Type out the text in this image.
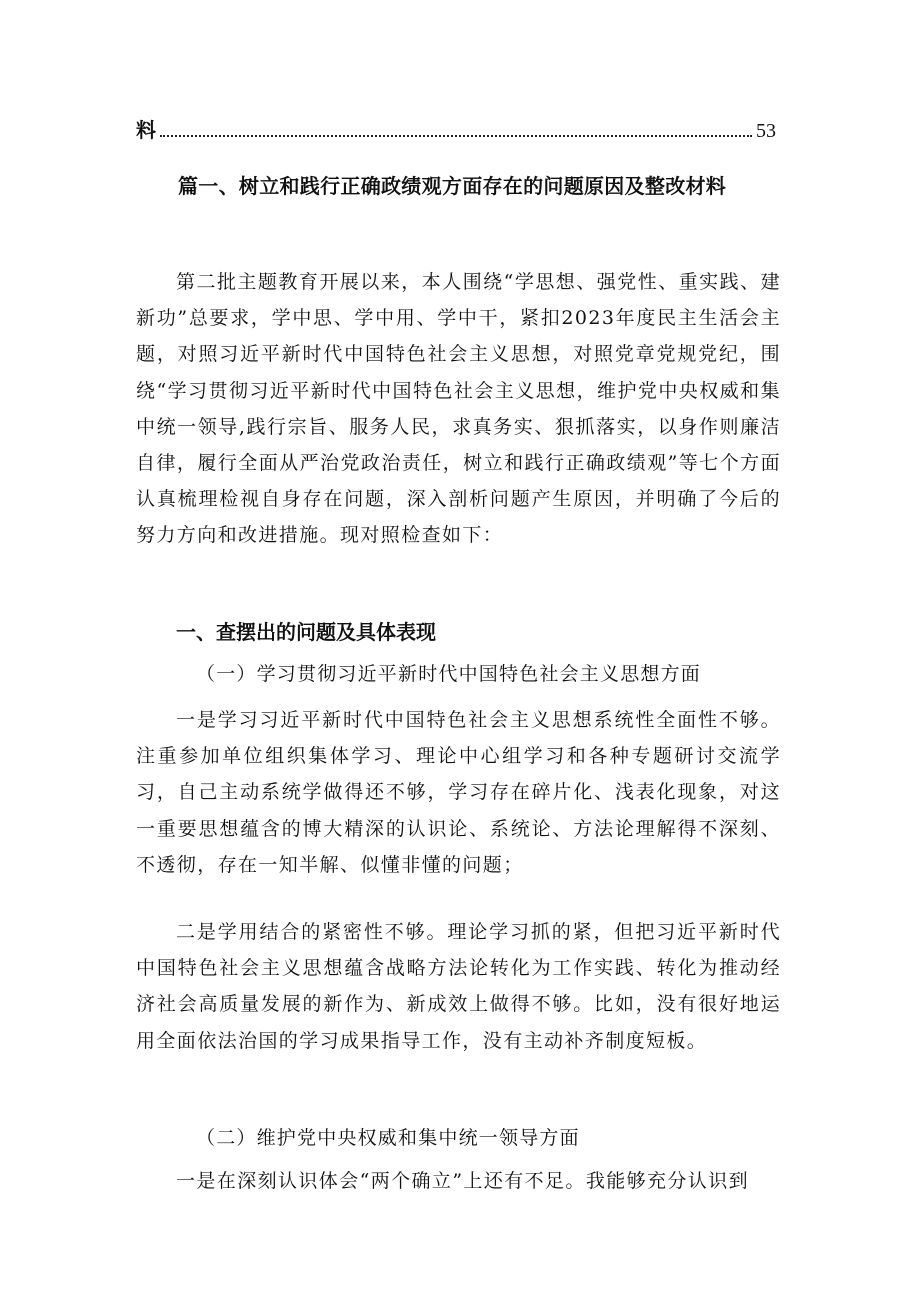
料	53
篇一、树立和践行正确政绩观方面存在的问题原因及整改材料

第二批主题教育开展以来，本人围绕“学思想、强党性、重实践、建新功”总要求，学中思、学中用、学中干，紧扣2023年度民主生活会主题，对照习近平新时代中国特色社会主义思想，对照党章党规党纪，围绕“学习贯彻习近平新时代中国特色社会主义思想，维护党中央权威和集中统一领导,践行宗旨、服务人民，求真务实、狠抓落实，以身作则廉洁自律，履行全面从严治党政治责任，树立和践行正确政绩观”等七个方面认真梳理检视自身存在问题，深入剖析问题产生原因，并明确了今后的努力方向和改进措施。现对照检查如下：

一、查摆出的问题及具体表现
（一）学习贯彻习近平新时代中国特色社会主义思想方面

一是学习习近平新时代中国特色社会主义思想系统性全面性不够。注重参加单位组织集体学习、理论中心组学习和各种专题研讨交流学习，自己主动系统学做得还不够，学习存在碎片化、浅表化现象，对这一重要思想蕴含的博大精深的认识论、系统论、方法论理解得不深刻、不透彻，存在一知半解、似懂非懂的问题；

二是学用结合的紧密性不够。理论学习抓的紧，但把习近平新时代中国特色社会主义思想蕴含战略方法论转化为工作实践、转化为推动经济社会高质量发展的新作为、新成效上做得不够。比如，没有很好地运用全面依法治国的学习成果指导工作，没有主动补齐制度短板。

（二）维护党中央权威和集中统一领导方面

一是在深刻认识体会“两个确立”上还有不足。我能够充分认识到
